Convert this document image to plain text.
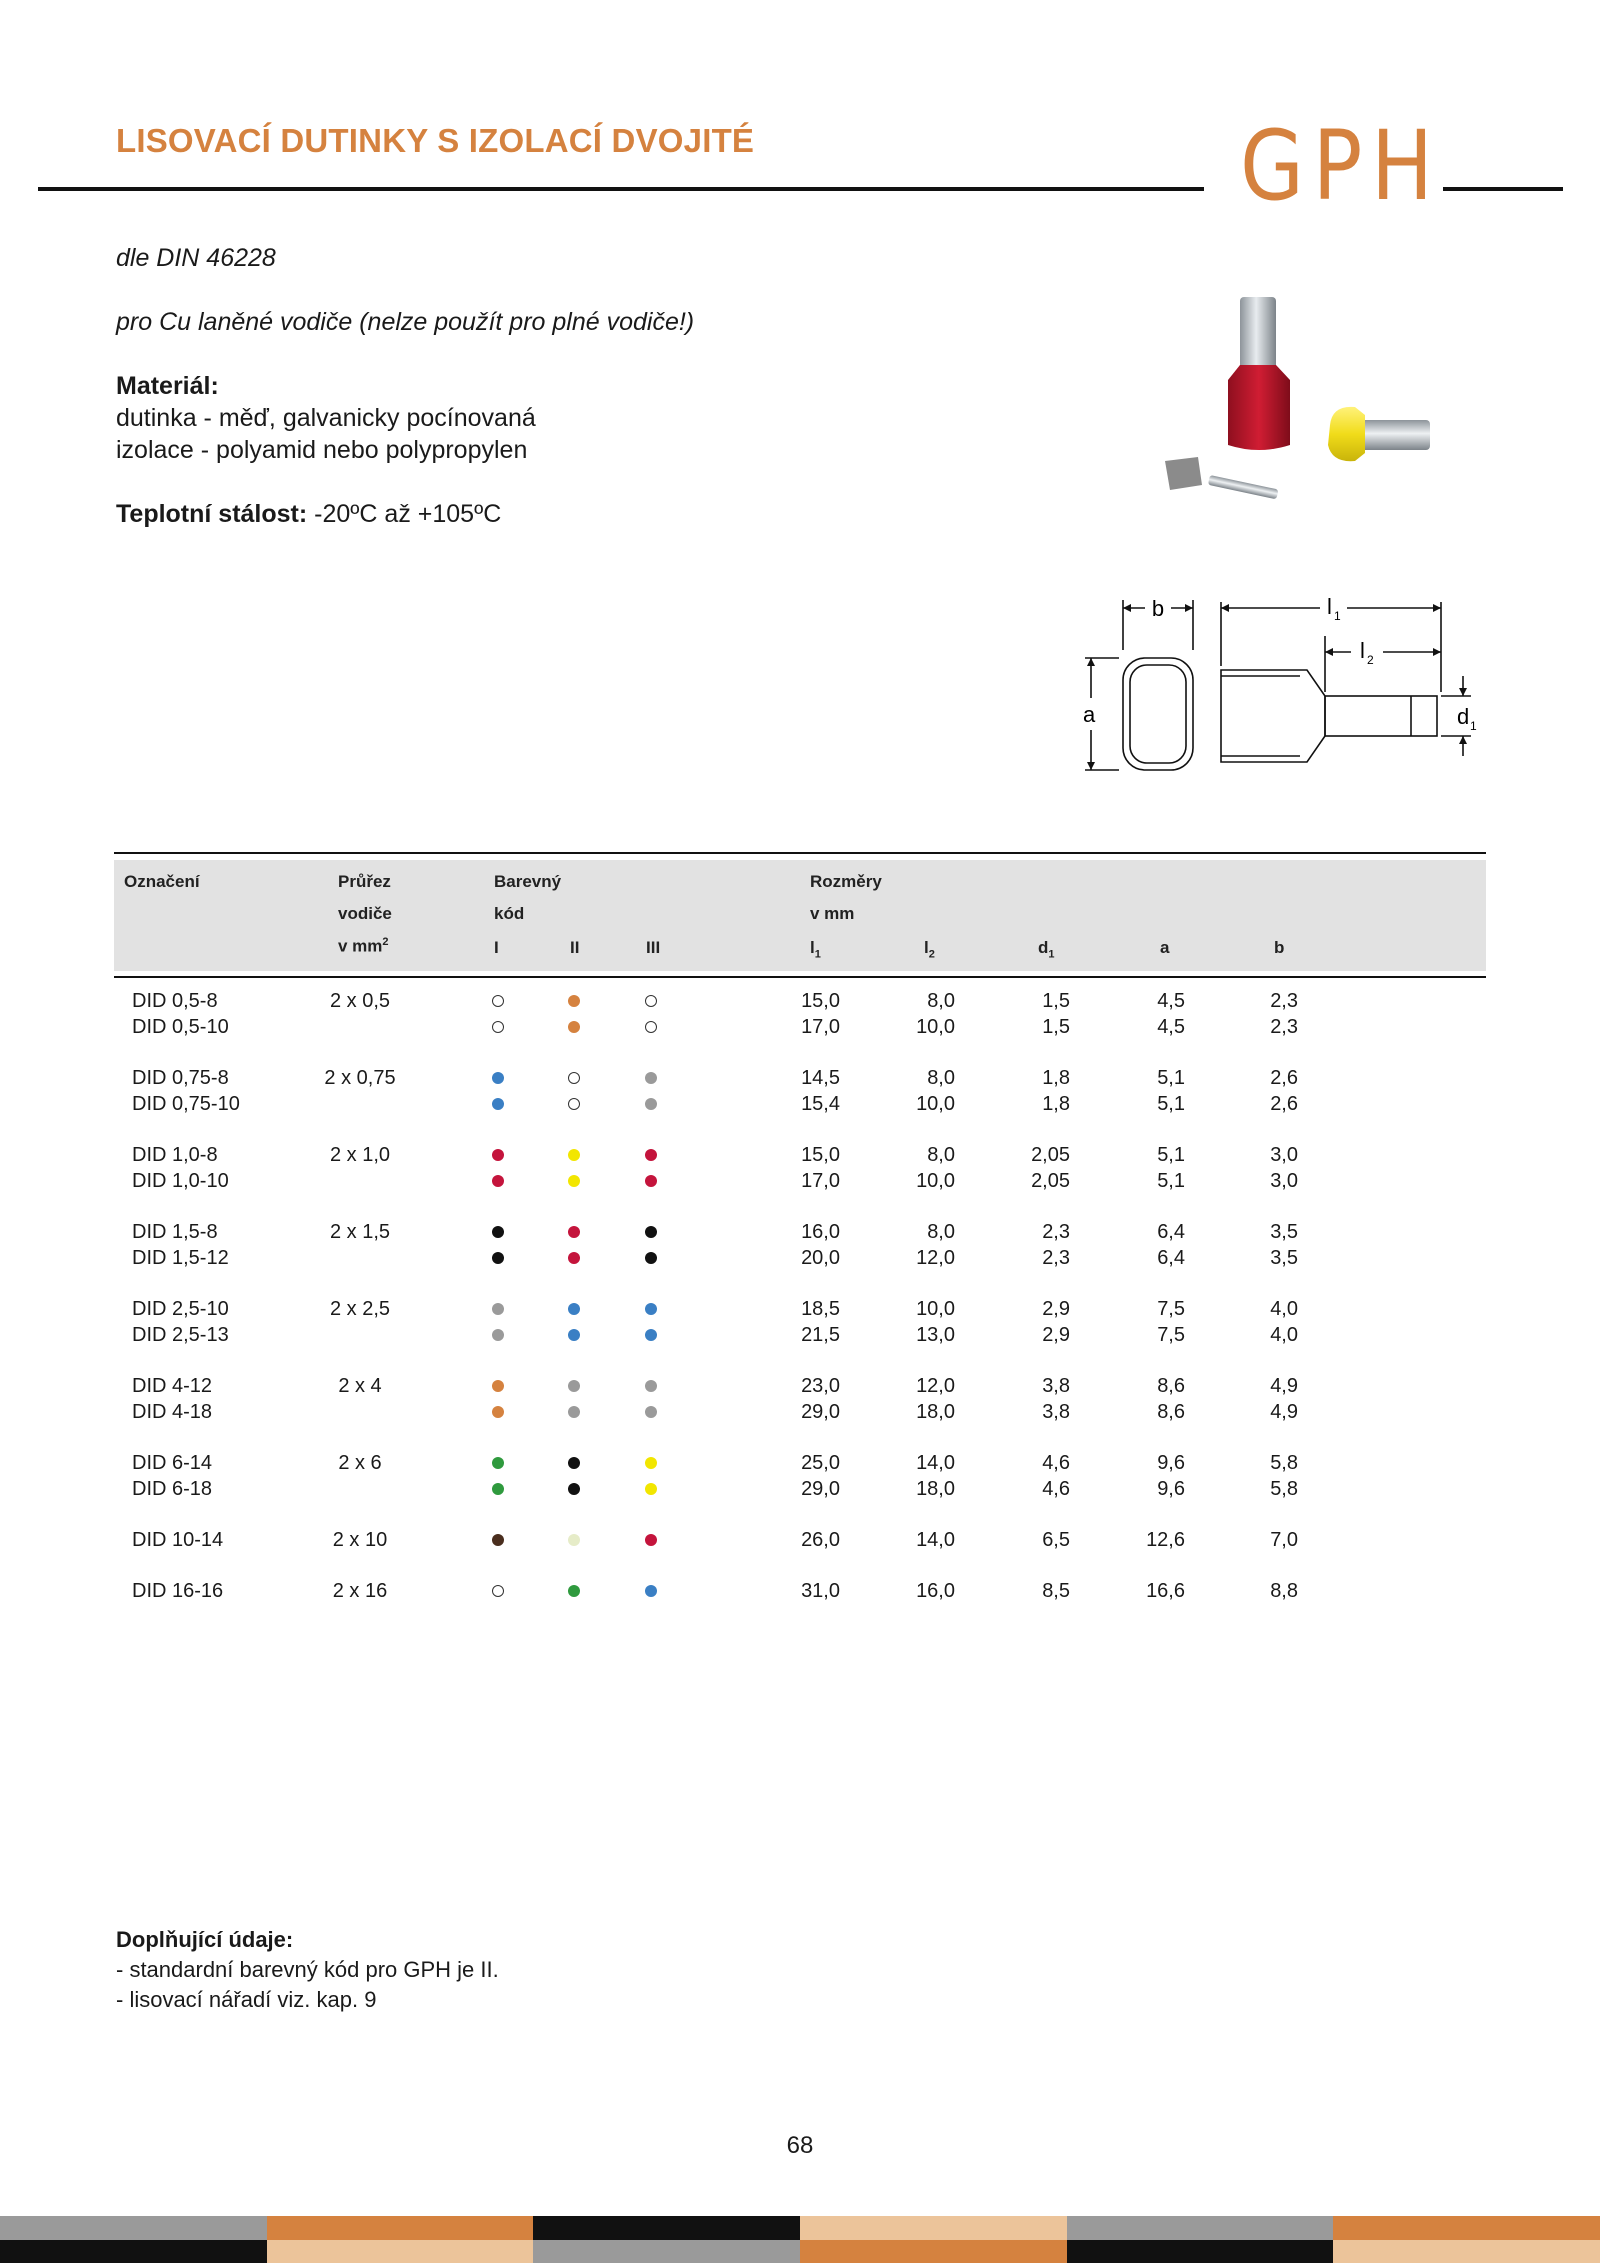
LISOVACÍ DUTINKY S IZOLACÍ DVOJITÉ	GPH
dle DIN 46228
pro Cu laněné vodiče (nelze použít pro plné vodiče!)
Materiál:
dutinka - měď, galvanicky pocínovaná
izolace - polyamid nebo polypropylen
Teplotní stálost: -20ºC až +105ºC
b
a
l 1
l 2
d 1
Označení	Průřez
vodiče
v $mm^2$
Barevný
kód
I	II	III
Rozměry
v mm
$l_1$	$l_2$	$d_1$	a	b
DID 0,5-8	2 x 0,5	15,0	8,0	1,5	4,5	2,3
DID 0,5-10	17,0	10,0	1,5	4,5	2,3
DID 0,75-8	2 x 0,75	14,5	8,0	1,8	5,1	2,6
DID 0,75-10	15,4	10,0	1,8	5,1	2,6
DID 1,0-8	2 x 1,0	15,0	8,0	2,05	5,1	3,0
DID 1,0-10	17,0	10,0	2,05	5,1	3,0
DID 1,5-8	2 x 1,5	16,0	8,0	2,3	6,4	3,5
DID 1,5-12	20,0	12,0	2,3	6,4	3,5
DID 2,5-10	2 x 2,5	18,5	10,0	2,9	7,5	4,0
DID 2,5-13	21,5	13,0	2,9	7,5	4,0
DID 4-12	2 x 4	23,0	12,0	3,8	8,6	4,9
DID 4-18	29,0	18,0	3,8	8,6	4,9
DID 6-14	2 x 6	25,0	14,0	4,6	9,6	5,8
DID 6-18	29,0	18,0	4,6	9,6	5,8
DID 10-14	2 x 10	26,0	14,0	6,5	12,6	7,0
DID 16-16	2 x 16	31,0	16,0	8,5	16,6	8,8
Doplňující údaje:
- standardní barevný kód pro GPH je II.
- lisovací nářadí viz. kap. 9
68
